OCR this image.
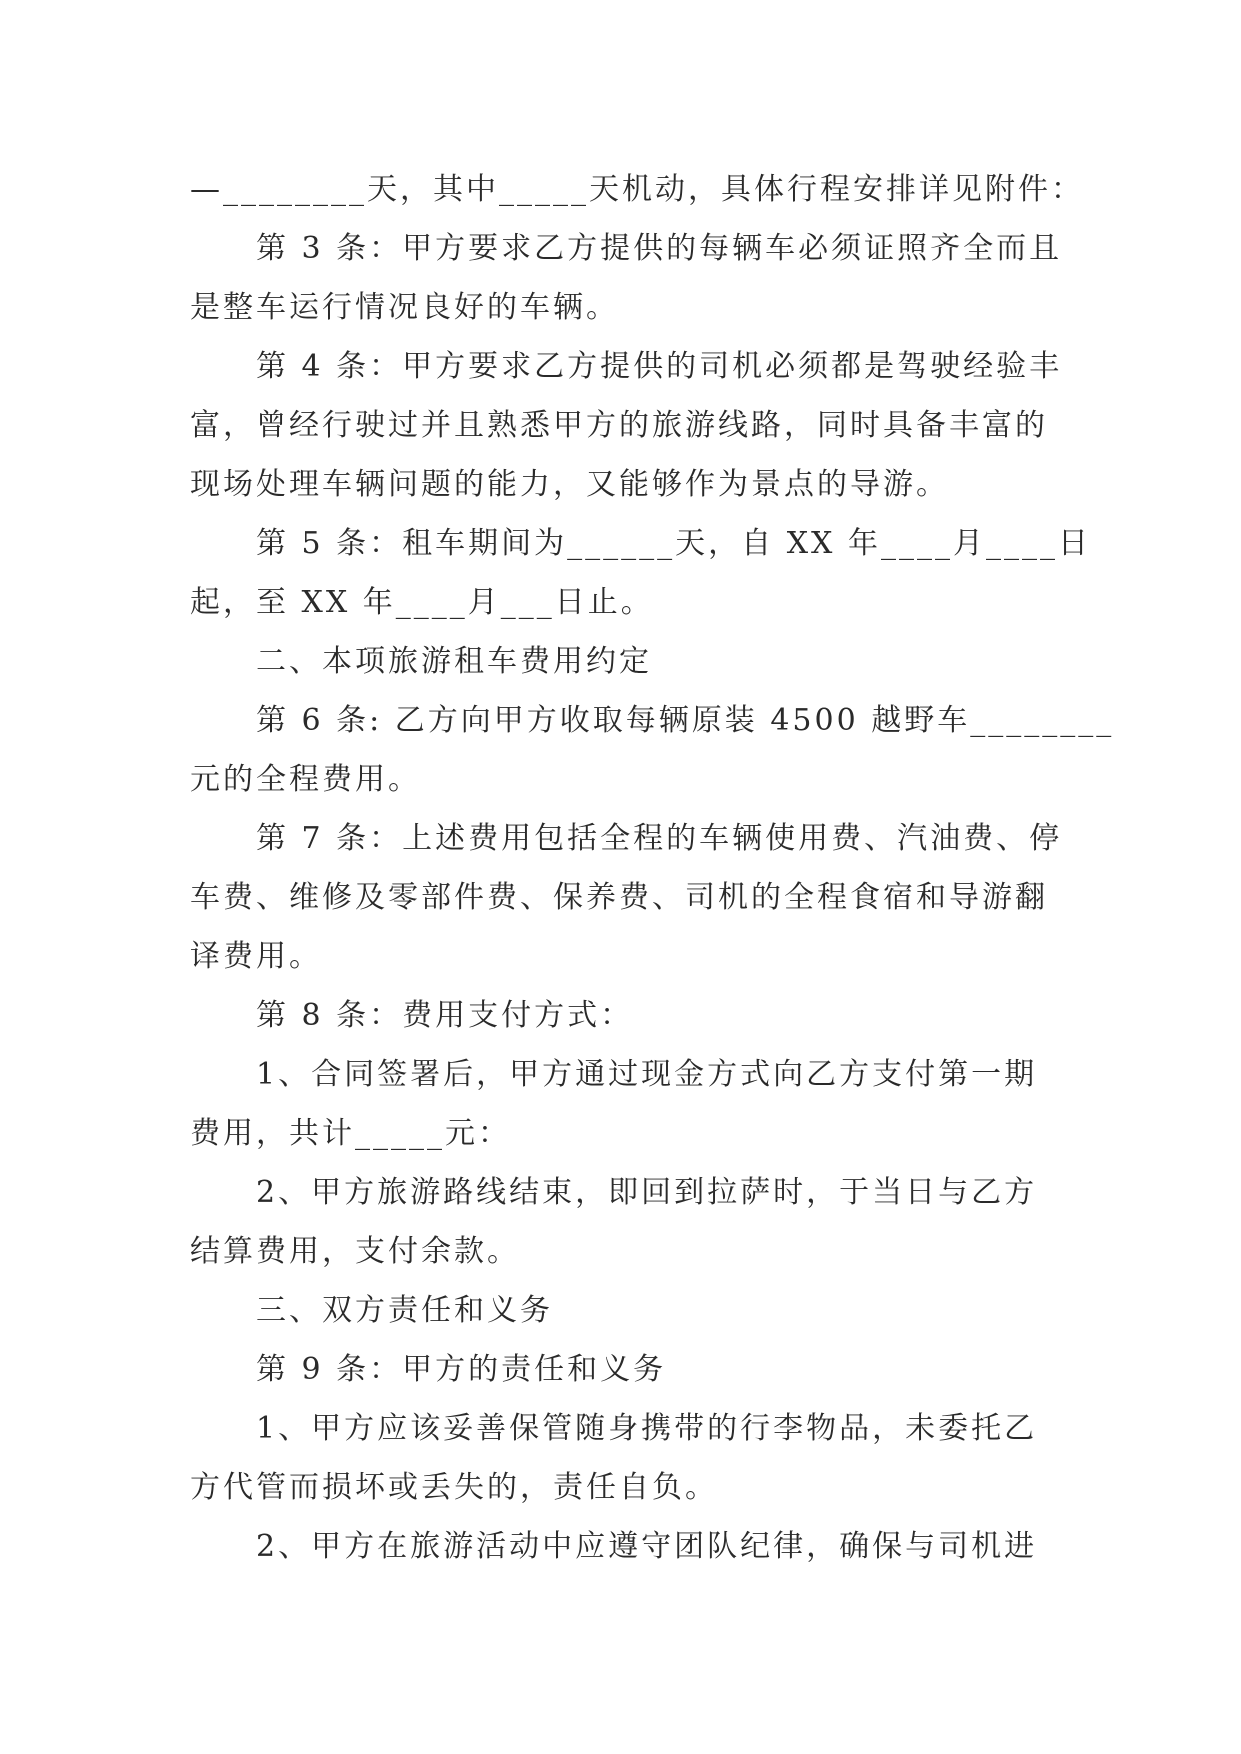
—________天，其中_____天机动，具体行程安排详见附件：
第 3 条：甲方要求乙方提供的每辆车必须证照齐全而且
是整车运行情况良好的车辆。
第 4 条：甲方要求乙方提供的司机必须都是驾驶经验丰
富，曾经行驶过并且熟悉甲方的旅游线路，同时具备丰富的
现场处理车辆问题的能力，又能够作为景点的导游。
第 5 条：租车期间为______天，自 XX 年____月____日
起，至 XX 年____月___日止。
二、本项旅游租车费用约定
第 6 条: 乙方向甲方收取每辆原装 4500 越野车________
元的全程费用。
第 7 条：上述费用包括全程的车辆使用费、汽油费、停
车费、维修及零部件费、保养费、司机的全程食宿和导游翻
译费用。
第 8 条：费用支付方式：
1、合同签署后，甲方通过现金方式向乙方支付第一期
费用，共计_____元：
2、甲方旅游路线结束，即回到拉萨时，于当日与乙方
结算费用，支付余款。
三、双方责任和义务
第 9 条：甲方的责任和义务
1、甲方应该妥善保管随身携带的行李物品，未委托乙
方代管而损坏或丢失的，责任自负。
2、甲方在旅游活动中应遵守团队纪律，确保与司机进
